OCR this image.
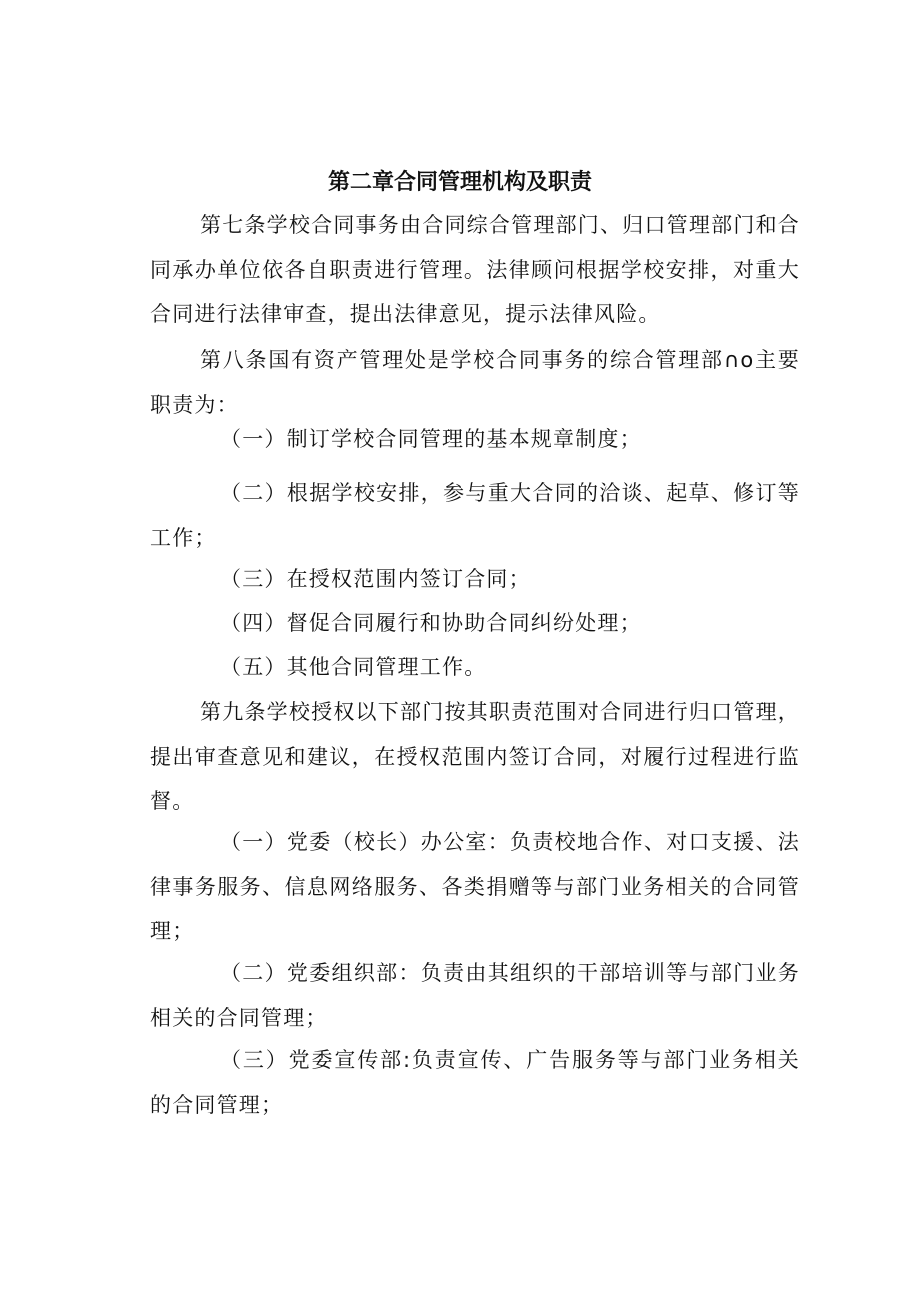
第二章合同管理机构及职责

第七条学校合同事务由合同综合管理部门、归口管理部门和合同承办单位依各自职责进行管理。法律顾问根据学校安排，对重大合同进行法律审查，提出法律意见，提示法律风险。

第八条国有资产管理处是学校合同事务的综合管理部∩o主要职责为：

（一）制订学校合同管理的基本规章制度；

（二）根据学校安排，参与重大合同的洽谈、起草、修订等工作；

（三）在授权范围内签订合同；

（四）督促合同履行和协助合同纠纷处理；

（五）其他合同管理工作。

第九条学校授权以下部门按其职责范围对合同进行归口管理，提出审查意见和建议，在授权范围内签订合同，对履行过程进行监督。

（一）党委（校长）办公室：负责校地合作、对口支援、法律事务服务、信息网络服务、各类捐赠等与部门业务相关的合同管理；

（二）党委组织部：负责由其组织的干部培训等与部门业务相关的合同管理；

（三）党委宣传部:负责宣传、广告服务等与部门业务相关的合同管理；
